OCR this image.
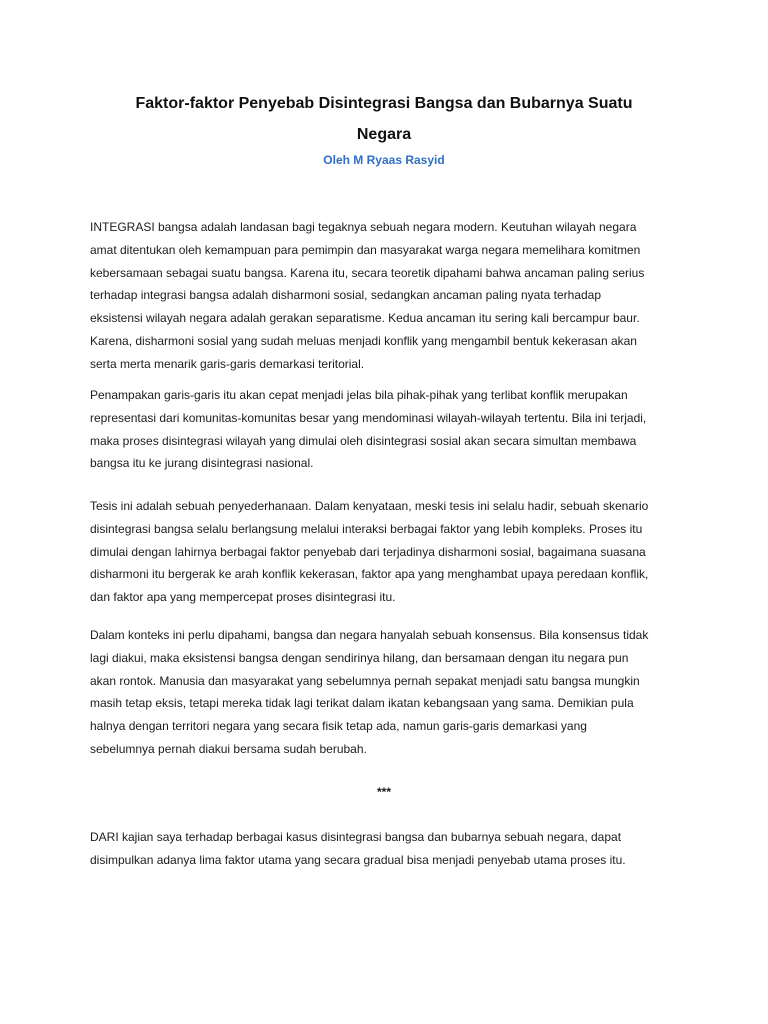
Faktor-faktor Penyebab Disintegrasi Bangsa dan Bubarnya Suatu
Negara

Oleh M Ryaas Rasyid

INTEGRASI bangsa adalah landasan bagi tegaknya sebuah negara modern. Keutuhan wilayah negara
amat ditentukan oleh kemampuan para pemimpin dan masyarakat warga negara memelihara komitmen
kebersamaan sebagai suatu bangsa. Karena itu, secara teoretik dipahami bahwa ancaman paling serius
terhadap integrasi bangsa adalah disharmoni sosial, sedangkan ancaman paling nyata terhadap
eksistensi wilayah negara adalah gerakan separatisme. Kedua ancaman itu sering kali bercampur baur.
Karena, disharmoni sosial yang sudah meluas menjadi konflik yang mengambil bentuk kekerasan akan
serta merta menarik garis-garis demarkasi teritorial.

Penampakan garis-garis itu akan cepat menjadi jelas bila pihak-pihak yang terlibat konflik merupakan
representasi dari komunitas-komunitas besar yang mendominasi wilayah-wilayah tertentu. Bila ini terjadi,
maka proses disintegrasi wilayah yang dimulai oleh disintegrasi sosial akan secara simultan membawa
bangsa itu ke jurang disintegrasi nasional.

Tesis ini adalah sebuah penyederhanaan. Dalam kenyataan, meski tesis ini selalu hadir, sebuah skenario
disintegrasi bangsa selalu berlangsung melalui interaksi berbagai faktor yang lebih kompleks. Proses itu
dimulai dengan lahirnya berbagai faktor penyebab dari terjadinya disharmoni sosial, bagaimana suasana
disharmoni itu bergerak ke arah konflik kekerasan, faktor apa yang menghambat upaya peredaan konflik,
dan faktor apa yang mempercepat proses disintegrasi itu.

Dalam konteks ini perlu dipahami, bangsa dan negara hanyalah sebuah konsensus. Bila konsensus tidak
lagi diakui, maka eksistensi bangsa dengan sendirinya hilang, dan bersamaan dengan itu negara pun
akan rontok. Manusia dan masyarakat yang sebelumnya pernah sepakat menjadi satu bangsa mungkin
masih tetap eksis, tetapi mereka tidak lagi terikat dalam ikatan kebangsaan yang sama. Demikian pula
halnya dengan territori negara yang secara fisik tetap ada, namun garis-garis demarkasi yang
sebelumnya pernah diakui bersama sudah berubah.

***

DARI kajian saya terhadap berbagai kasus disintegrasi bangsa dan bubarnya sebuah negara, dapat
disimpulkan adanya lima faktor utama yang secara gradual bisa menjadi penyebab utama proses itu.
